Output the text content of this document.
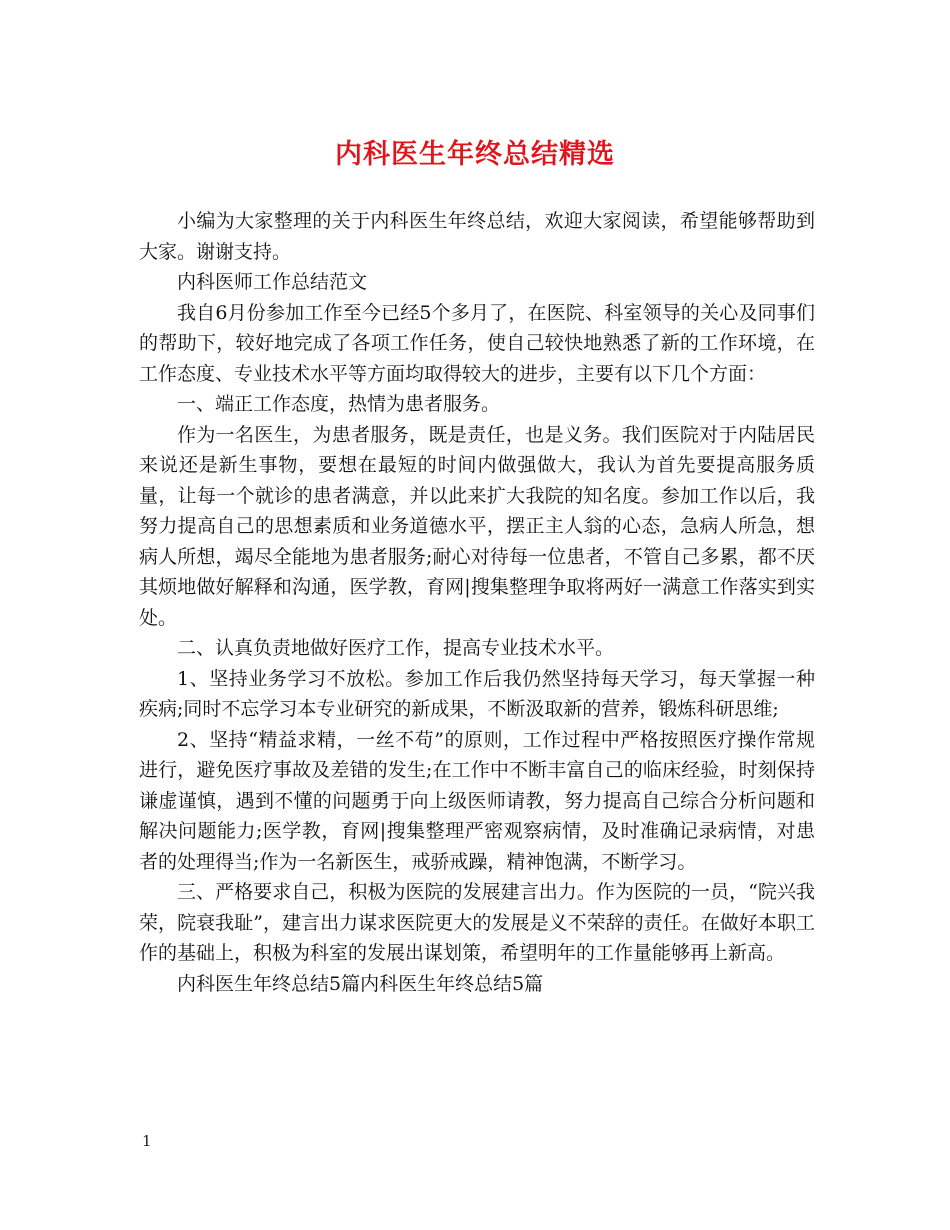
内科医生年终总结精选

小编为大家整理的关于内科医生年终总结，欢迎大家阅读，希望能够帮助到大家。谢谢支持。

内科医师工作总结范文

我自6月份参加工作至今已经5个多月了，在医院、科室领导的关心及同事们的帮助下，较好地完成了各项工作任务，使自己较快地熟悉了新的工作环境，在工作态度、专业技术水平等方面均取得较大的进步，主要有以下几个方面：

一、端正工作态度，热情为患者服务。

作为一名医生，为患者服务，既是责任，也是义务。我们医院对于内陆居民来说还是新生事物，要想在最短的时间内做强做大，我认为首先要提高服务质量，让每一个就诊的患者满意，并以此来扩大我院的知名度。参加工作以后，我努力提高自己的思想素质和业务道德水平，摆正主人翁的心态，急病人所急，想病人所想，竭尽全能地为患者服务;耐心对待每一位患者，不管自己多累，都不厌其烦地做好解释和沟通，医学教，育网|搜集整理争取将两好一满意工作落实到实处。

二、认真负责地做好医疗工作，提高专业技术水平。

1、坚持业务学习不放松。参加工作后我仍然坚持每天学习，每天掌握一种疾病;同时不忘学习本专业研究的新成果，不断汲取新的营养，锻炼科研思维;

2、坚持“精益求精，一丝不苟”的原则，工作过程中严格按照医疗操作常规进行，避免医疗事故及差错的发生;在工作中不断丰富自己的临床经验，时刻保持谦虚谨慎，遇到不懂的问题勇于向上级医师请教，努力提高自己综合分析问题和解决问题能力;医学教，育网|搜集整理严密观察病情，及时准确记录病情，对患者的处理得当;作为一名新医生，戒骄戒躁，精神饱满，不断学习。

三、严格要求自己，积极为医院的发展建言出力。作为医院的一员，“院兴我荣，院衰我耻”，建言出力谋求医院更大的发展是义不荣辞的责任。在做好本职工作的基础上，积极为科室的发展出谋划策，希望明年的工作量能够再上新高。

内科医生年终总结5篇内科医生年终总结5篇

1
